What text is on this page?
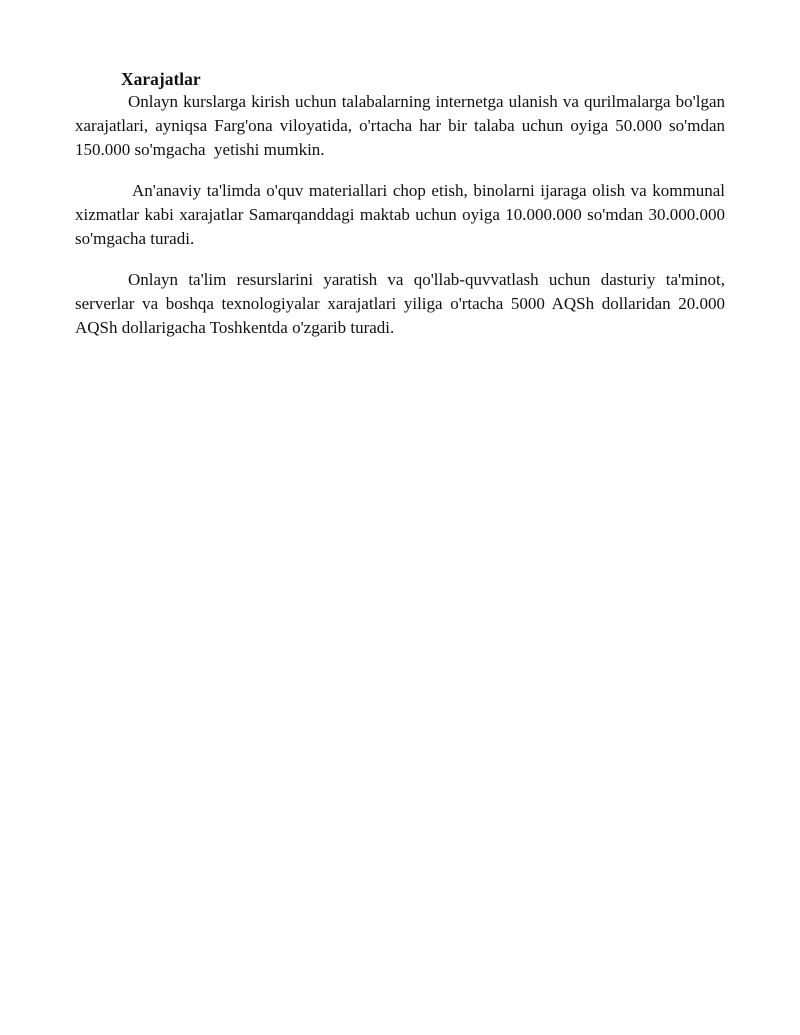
Xarajatlar

Onlayn kurslarga kirish uchun talabalarning internetga ulanish va qurilmalarga bo'lgan xarajatlari, ayniqsa Farg'ona viloyatida, o'rtacha har bir talaba uchun oyiga 50.000 so'mdan 150.000 so'mgacha  yetishi mumkin.

An'anaviy ta'limda o'quv materiallari chop etish, binolarni ijaraga olish va kommunal xizmatlar kabi xarajatlar Samarqanddagi maktab uchun oyiga 10.000.000 so'mdan 30.000.000 so'mgacha turadi.

Onlayn ta'lim resurslarini yaratish va qo'llab-quvvatlash uchun dasturiy ta'minot, serverlar va boshqa texnologiyalar xarajatlari yiliga o'rtacha 5000 AQSh dollaridan 20.000 AQSh dollarigacha Toshkentda o'zgarib turadi.
